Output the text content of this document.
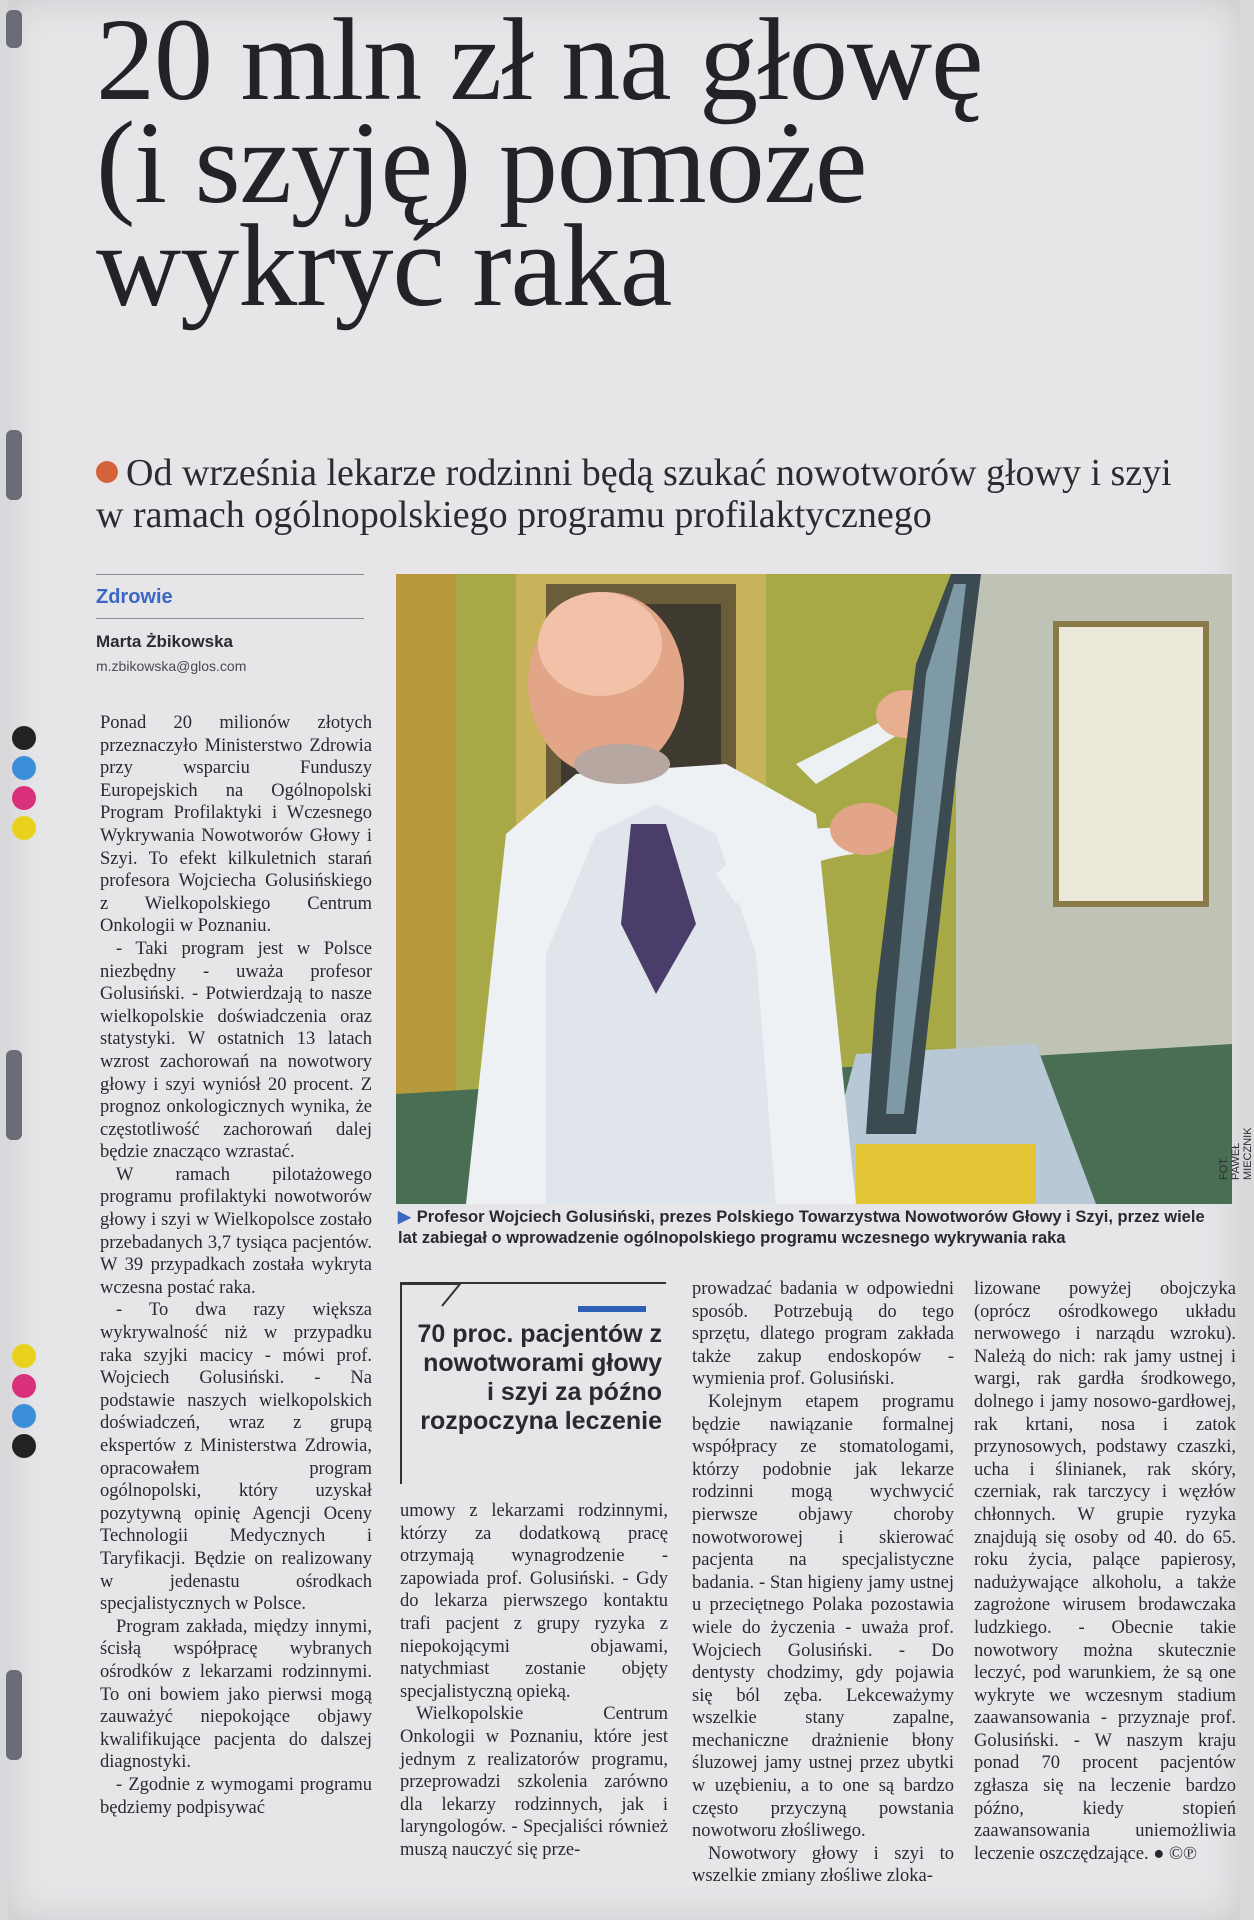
20 mln zł na głowę
(i szyję) pomoże
wykryć raka
Od września lekarze rodzinni będą szukać nowotworów głowy i szyi w ramach ogólnopolskiego programu profilaktycznego
Zdrowie
Marta Żbikowska
m.zbikowska@glos.com

Ponad 20 milionów złotych przeznaczyło Ministerstwo Zdrowia przy wsparciu Funduszy Europejskich na Ogólnopolski Program Profilaktyki i Wczesnego Wykrywania Nowotworów Głowy i Szyi. To efekt kilkuletnich starań profesora Wojciecha Golusińskiego z Wielkopolskiego Centrum Onkologii w Poznaniu.

- Taki program jest w Polsce niezbędny - uważa profesor Golusiński. - Potwierdzają to nasze wielkopolskie doświadczenia oraz statystyki. W ostatnich 13 latach wzrost zachorowań na nowotwory głowy i szyi wyniósł 20 procent. Z prognoz onkologicznych wynika, że częstotliwość zachorowań dalej będzie znacząco wzrastać.

W ramach pilotażowego programu profilaktyki nowotworów głowy i szyi w Wielkopolsce zostało przebadanych 3,7 tysiąca pacjentów. W 39 przypadkach została wykryta wczesna postać raka.

- To dwa razy większa wykrywalność niż w przypadku raka szyjki macicy - mówi prof. Wojciech Golusiński. - Na podstawie naszych wielkopolskich doświadczeń, wraz z grupą ekspertów z Ministerstwa Zdrowia, opracowałem program ogólnopolski, który uzyskał pozytywną opinię Agencji Oceny Technologii Medycznych i Taryfikacji. Będzie on realizowany w jedenastu ośrodkach specjalistycznych w Polsce.

Program zakłada, między innymi, ścisłą współpracę wybranych ośrodków z lekarzami rodzinnymi. To oni bowiem jako pierwsi mogą zauważyć niepokojące objawy kwalifikujące pacjenta do dalszej diagnostyki.

- Zgodnie z wymogami programu będziemy podpisywać

FOT. PAWEŁ MIECZNIK
▶ Profesor Wojciech Golusiński, prezes Polskiego Towarzystwa Nowotworów Głowy i Szyi, przez wiele lat zabiegał o wprowadzenie ogólnopolskiego programu wczesnego wykrywania raka
70 proc. pacjentów z nowotworami głowy i szyi za późno rozpoczyna leczenie

umowy z lekarzami rodzinnymi, którzy za dodatkową pracę otrzymają wynagrodzenie - zapowiada prof. Golusiński. - Gdy do lekarza pierwszego kontaktu trafi pacjent z grupy ryzyka z niepokojącymi objawami, natychmiast zostanie objęty specjalistyczną opieką.

Wielkopolskie Centrum Onkologii w Poznaniu, które jest jednym z realizatorów programu, przeprowadzi szkolenia zarówno dla lekarzy rodzinnych, jak i laryngologów. - Specjaliści również muszą nauczyć się prze-

prowadzać badania w odpowiedni sposób. Potrzebują do tego sprzętu, dlatego program zakłada także zakup endoskopów - wymienia prof. Golusiński.

Kolejnym etapem programu będzie nawiązanie formalnej współpracy ze stomatologami, którzy podobnie jak lekarze rodzinni mogą wychwycić pierwsze objawy choroby nowotworowej i skierować pacjenta na specjalistyczne badania. - Stan higieny jamy ustnej u przeciętnego Polaka pozostawia wiele do życzenia - uważa prof. Wojciech Golusiński. - Do dentysty chodzimy, gdy pojawia się ból zęba. Lekceważymy wszelkie stany zapalne, mechaniczne drażnienie błony śluzowej jamy ustnej przez ubytki w uzębieniu, a to one są bardzo często przyczyną powstania nowotworu złośliwego.

Nowotwory głowy i szyi to wszelkie zmiany złośliwe zloka-

lizowane powyżej obojczyka (oprócz ośrodkowego układu nerwowego i narządu wzroku). Należą do nich: rak jamy ustnej i wargi, rak gardła środkowego, dolnego i jamy nosowo-gardłowej, rak krtani, nosa i zatok przynosowych, podstawy czaszki, ucha i ślinianek, rak skóry, czerniak, rak tarczycy i węzłów chłonnych. W grupie ryzyka znajdują się osoby od 40. do 65. roku życia, palące papierosy, nadużywające alkoholu, a także zagrożone wirusem brodawczaka ludzkiego. - Obecnie takie nowotwory można skutecznie leczyć, pod warunkiem, że są one wykryte we wczesnym stadium zaawansowania - przyznaje prof. Golusiński. - W naszym kraju ponad 70 procent pacjentów zgłasza się na leczenie bardzo późno, kiedy stopień zaawansowania uniemożliwia leczenie oszczędzające. ● ©℗
